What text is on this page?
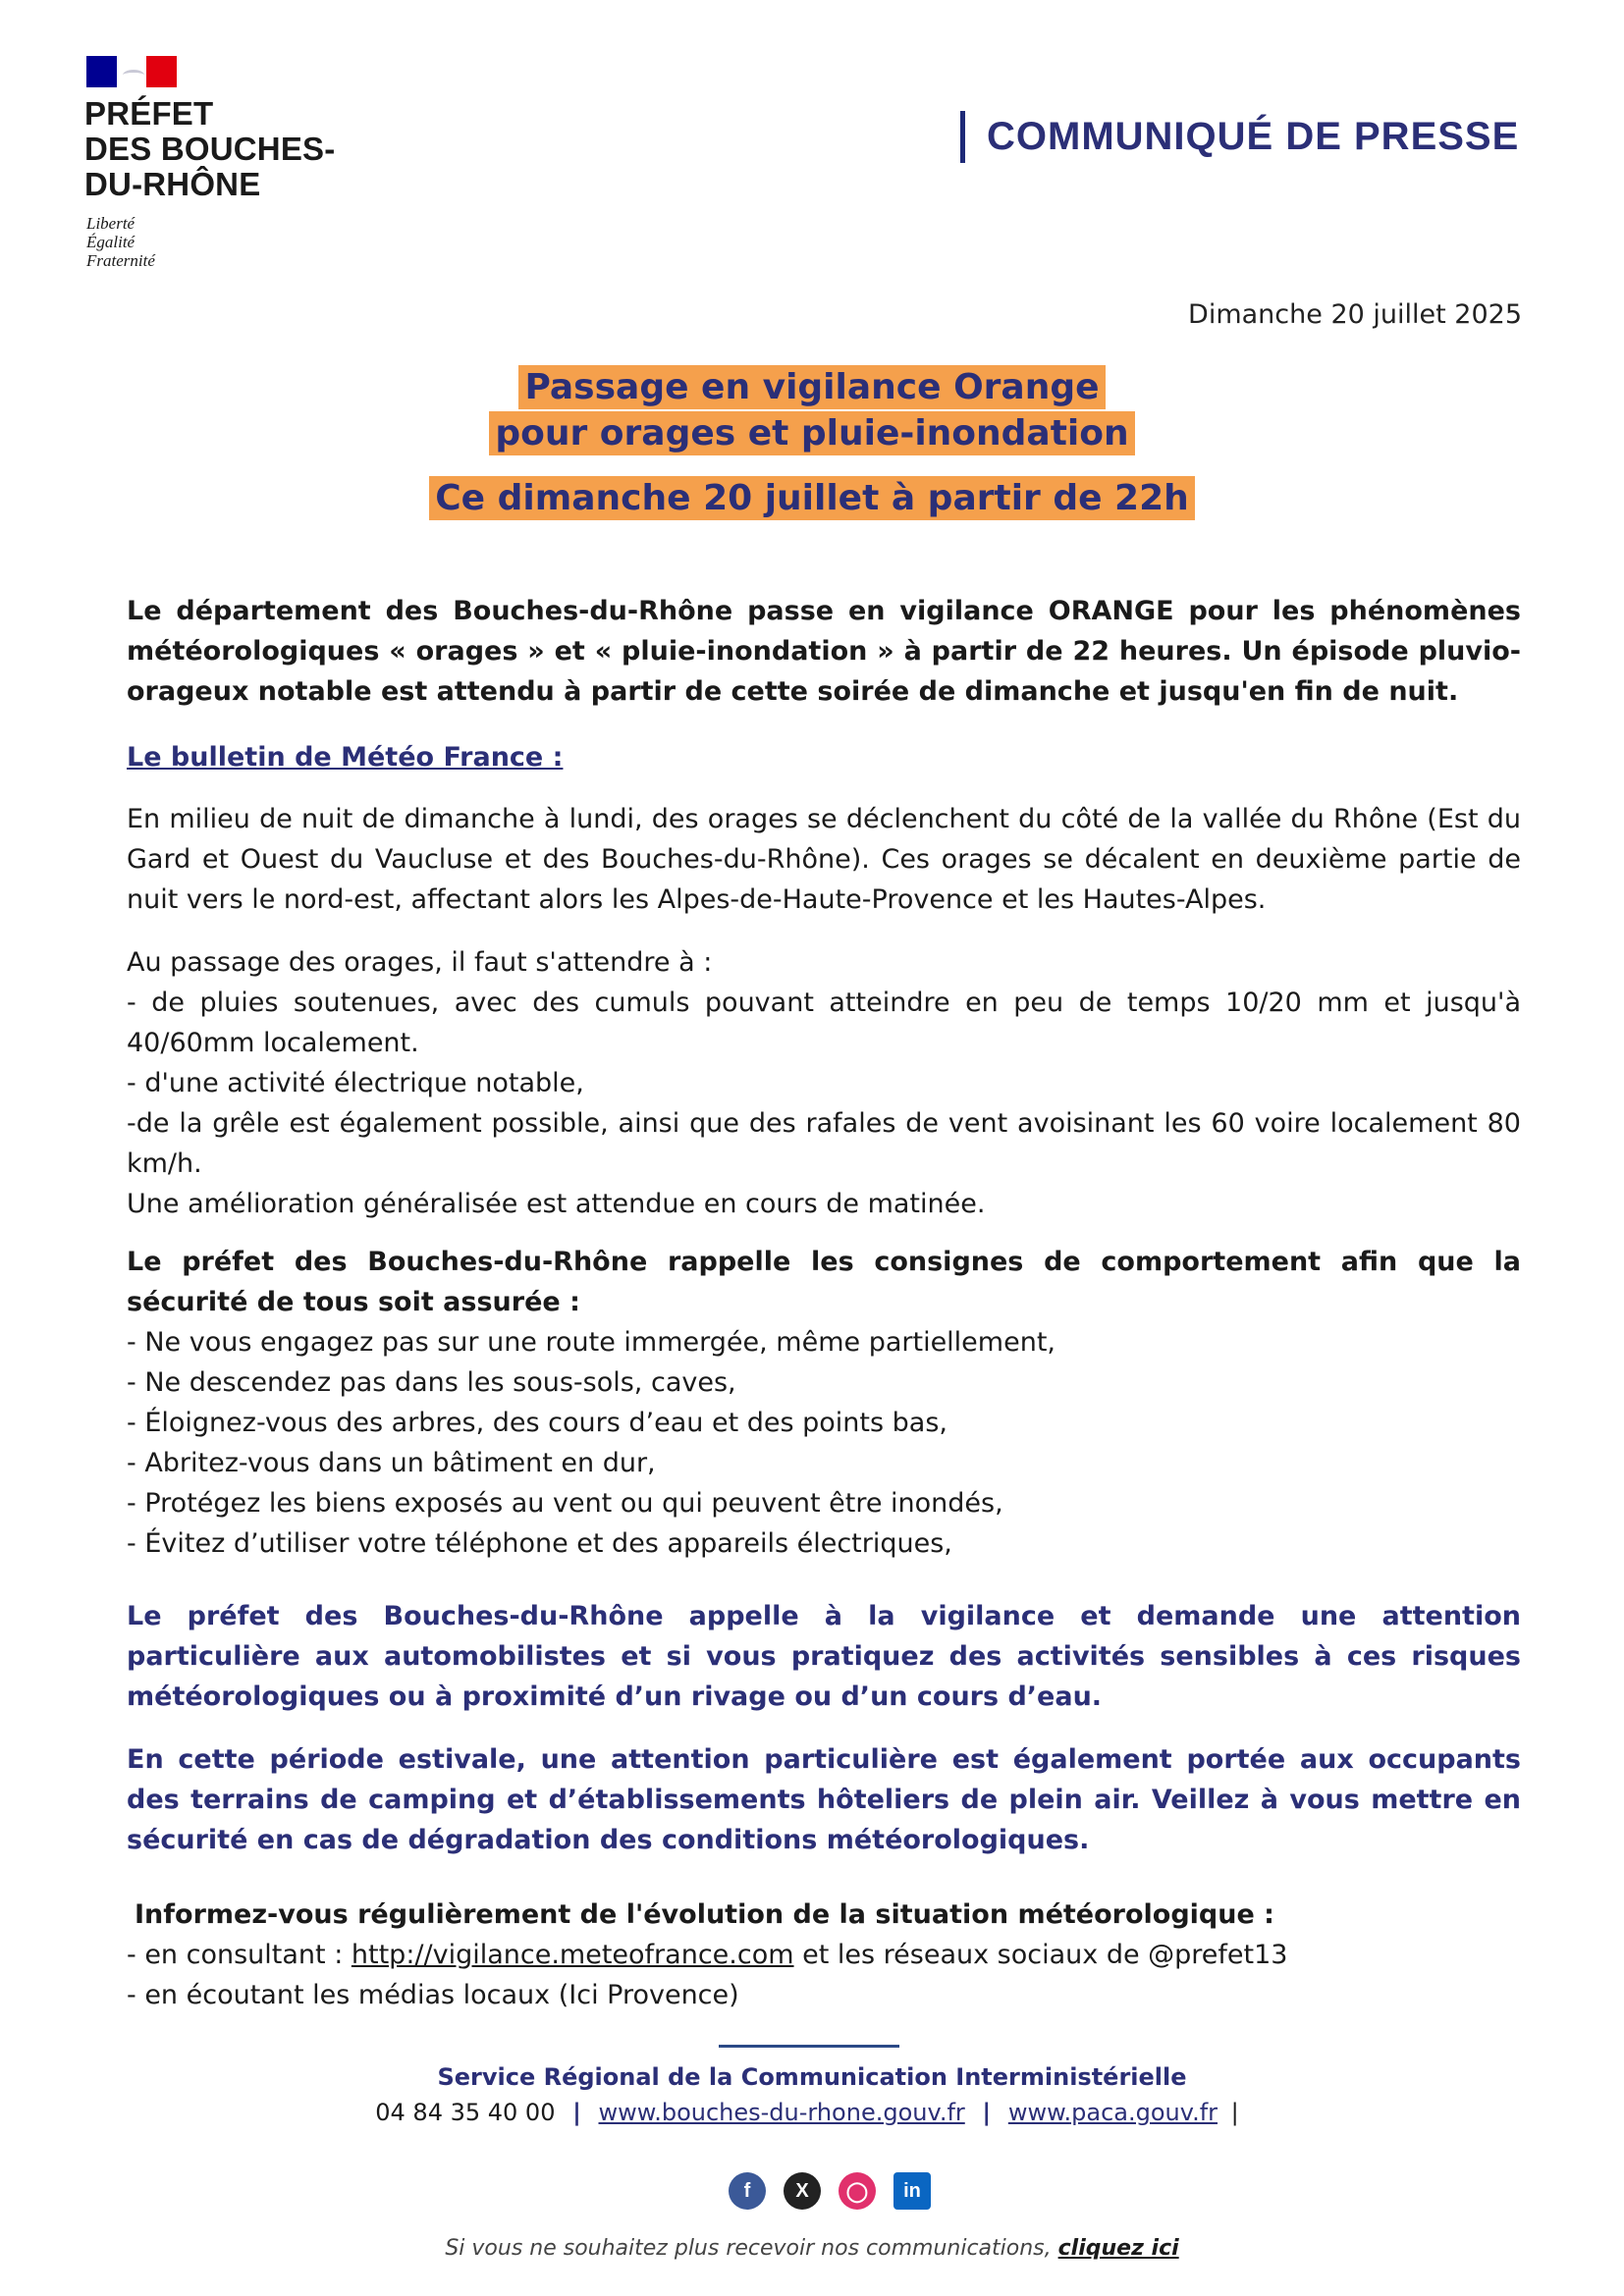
PRÉFET
DES BOUCHES-
DU-RHÔNE
Liberté
Égalité
Fraternité
COMMUNIQUÉ DE PRESSE
Dimanche 20 juillet 2025
Passage en vigilance Orange
pour orages et pluie-inondation
Ce dimanche 20 juillet à partir de 22h
Le département des Bouches-du-Rhône passe en vigilance ORANGE pour les phénomènes météorologiques « orages » et « pluie-inondation » à partir de 22 heures. Un épisode pluvio-orageux notable est attendu à partir de cette soirée de dimanche et jusqu'en fin de nuit.
Le bulletin de Météo France :
En milieu de nuit de dimanche à lundi, des orages se déclenchent du côté de la vallée du Rhône (Est du Gard et Ouest du Vaucluse et des Bouches-du-Rhône). Ces orages se décalent en deuxième partie de nuit vers le nord-est, affectant alors les Alpes-de-Haute-Provence et les Hautes-Alpes.

Au passage des orages, il faut s'attendre à :

- de pluies soutenues, avec des cumuls pouvant atteindre en peu de temps 10/20 mm et jusqu'à 40/60mm localement.

- d'une activité électrique notable,

-de la grêle est également possible, ainsi que des rafales de vent avoisinant les 60 voire localement 80 km/h.

Une amélioration généralisée est attendue en cours de matinée.

Le préfet des Bouches-du-Rhône rappelle les consignes de comportement afin que la sécurité de tous soit assurée :

- Ne vous engagez pas sur une route immergée, même partiellement,

- Ne descendez pas dans les sous-sols, caves,

- Éloignez-vous des arbres, des cours d’eau et des points bas,

- Abritez-vous dans un bâtiment en dur,

- Protégez les biens exposés au vent ou qui peuvent être inondés,

- Évitez d’utiliser votre téléphone et des appareils électriques,

Le préfet des Bouches-du-Rhône appelle à la vigilance et demande une attention particulière aux automobilistes et si vous pratiquez des activités sensibles à ces risques météorologiques ou à proximité d’un rivage ou d’un cours d’eau.
En cette période estivale, une attention particulière est également portée aux occupants des terrains de camping et d’établissements hôteliers de plein air. Veillez à vous mettre en sécurité en cas de dégradation des conditions météorologiques.

Informez-vous régulièrement de l'évolution de la situation météorologique :

- en consultant : http://vigilance.meteofrance.com et les réseaux sociaux de @prefet13

- en écoutant les médias locaux (Ici Provence)

Service Régional de la Communication Interministérielle
04 84 35 40 00 | www.bouches-du-rhone.gouv.fr | www.paca.gouv.fr |
f	X	◯	in
Si vous ne souhaitez plus recevoir nos communications, cliquez ici
